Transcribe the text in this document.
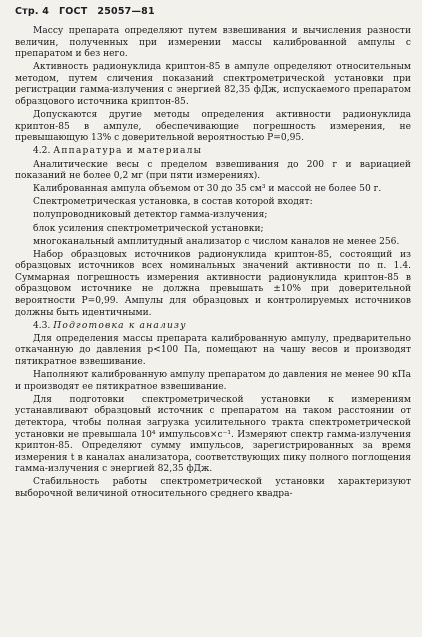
Стр. 4 ГОСТ 25057—81

Массу препарата определяют путем взвешивания и вычисления разности величин, полученных при измерении массы калиброванной ампулы с препаратом и без него.

Активность радионуклида криптон-85 в ампуле определяют относительным методом, путем сличения показаний спектрометрической установки при регистрации гамма-излучения с энергией 82,35 фДж, испускаемого препаратом образцового источника криптон-85.

Допускаются другие методы определения активности радионуклида криптон-85 в ампуле, обеспечивающие погрешность измерения, не превышающую 13% с доверительной вероятностью P=0,95.

4.2. Аппаратура и материалы

Аналитические весы с пределом взвешивания до 200 г и вариацией показаний не более 0,2 мг (при пяти измерениях).

Калиброванная ампула объемом от 30 до 35 см³ и массой не более 50 г.

Спектрометрическая установка, в состав которой входят:

полупроводниковый детектор гамма-излучения;

блок усиления спектрометрической установки;

многоканальный амплитудный анализатор с числом каналов не менее 256.

Набор образцовых источников радионуклида криптон-85, состоящий из образцовых источников всех номинальных значений активности по п. 1.4. Суммарная погрешность измерения активности радионуклида криптон-85 в образцовом источнике не должна превышать ±10% при доверительной вероятности P=0,99. Ампулы для образцовых и контролируемых источников должны быть идентичными.

4.3. Подготовка к анализу

Для определения массы препарата калиброванную ампулу, предварительно откачанную до давления p<100 Па, помещают на чашу весов и производят пятикратное взвешивание.

Наполняют калиброванную ампулу препаратом до давления не менее 90 кПа и производят ее пятикратное взвешивание.

Для подготовки спектрометрической установки к измерениям устанавливают образцовый источник с препаратом на таком расстоянии от детектора, чтобы полная загрузка усилительного тракта спектрометрической установки не превышала 10⁴ импульсов×с⁻¹. Измеряют спектр гамма-излучения криптон-85. Определяют сумму импульсов, зарегистрированных за время измерения t в каналах анализатора, соответствующих пику полного поглощения гамма-излучения с энергией 82,35 фДж.

Стабильность работы спектрометрической установки характеризуют выборочной величиной относительного среднего квадра-
